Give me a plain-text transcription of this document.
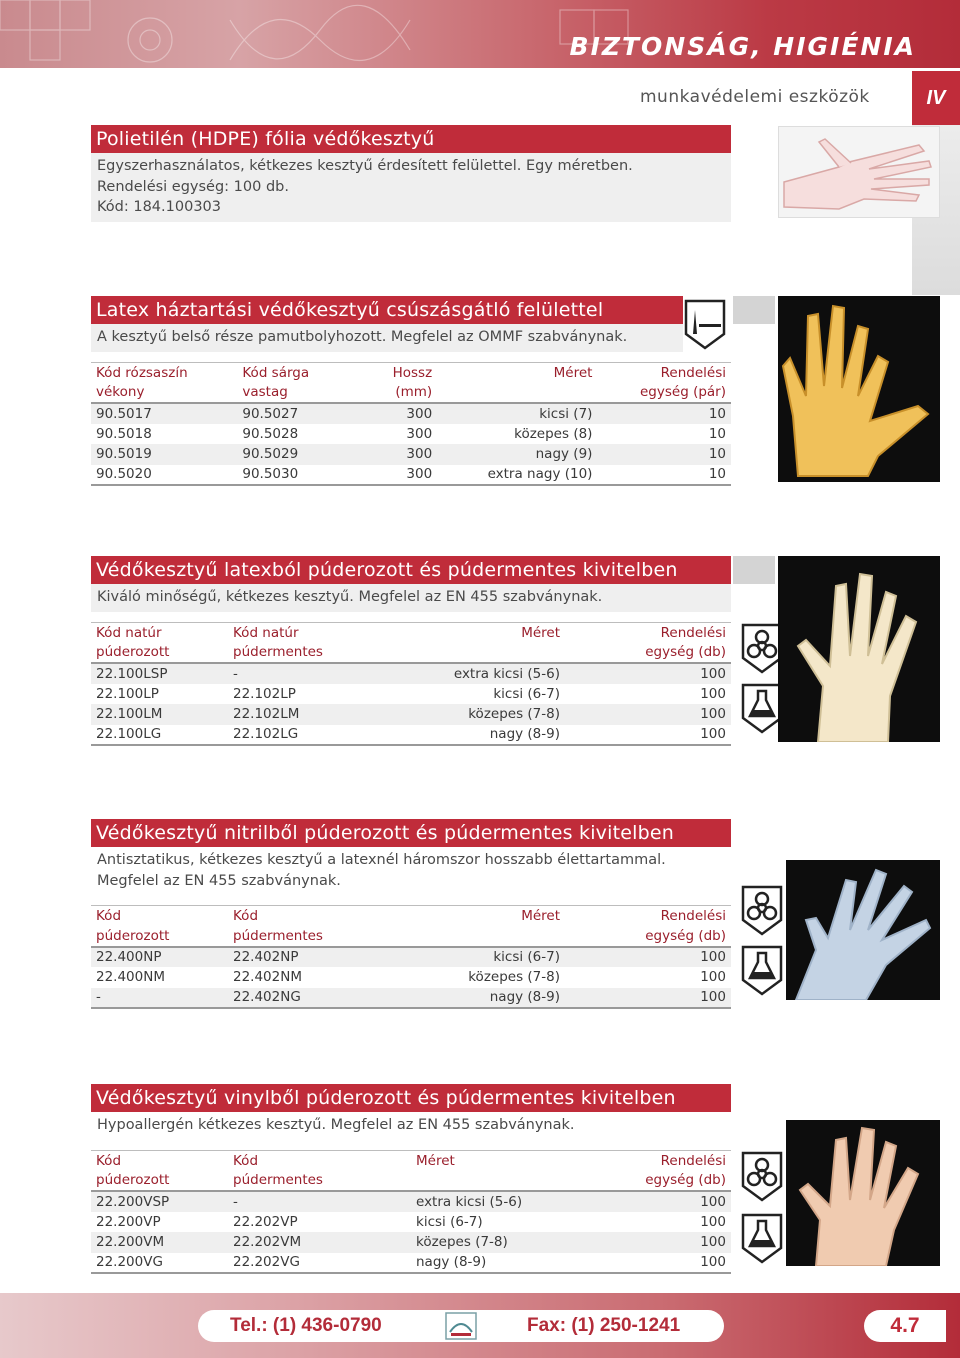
BIZTONSÁG, HIGIÉNIA
munkavédelemi eszközök	IV
Polietilén (HDPE) fólia védőkesztyű

Egyszerhasználatos, kétkezes kesztyű érdesített felülettel. Egy méretben.

Rendelési egység: 100 db.

Kód: 184.100303

Latex háztartási védőkesztyű csúszásgátló felülettel

A kesztyű belső része pamutbolyhozott. Megfelel az OMMF szabványnak.

Kód rózsaszín	Kód sárga	Hossz	Méret	Rendelési
vékony	vastag	(mm)		egység (pár)
90.5017	90.5027	300	kicsi (7)	10
90.5018	90.5028	300	közepes (8)	10
90.5019	90.5029	300	nagy (9)	10
90.5020	90.5030	300	extra nagy (10)	10
Védőkesztyű latexból púderozott és púdermentes kivitelben

Kiváló minőségű, kétkezes kesztyű. Megfelel az EN 455 szabványnak.

Kód natúr	Kód natúr	Méret	Rendelési
púderozott	púdermentes		egység (db)
22.100LSP	-	extra kicsi (5-6)	100
22.100LP	22.102LP	kicsi (6-7)	100
22.100LM	22.102LM	közepes (7-8)	100
22.100LG	22.102LG	nagy (8-9)	100
Védőkesztyű nitrilből púderozott és púdermentes kivitelben

Antisztatikus, kétkezes kesztyű a latexnél háromszor hosszabb élettartammal.

Megfelel az EN 455 szabványnak.

Kód	Kód	Méret	Rendelési
púderozott	púdermentes		egység (db)
22.400NP	22.402NP	kicsi (6-7)	100
22.400NM	22.402NM	közepes (7-8)	100
-	22.402NG	nagy (8-9)	100
Védőkesztyű vinylből púderozott és púdermentes kivitelben

Hypoallergén kétkezes kesztyű. Megfelel az EN 455 szabványnak.

Kód	Kód	Méret	Rendelési
púderozott	púdermentes		egység (db)
22.200VSP	-	extra kicsi (5-6)	100
22.200VP	22.202VP	kicsi (6-7)	100
22.200VM	22.202VM	közepes (7-8)	100
22.200VG	22.202VG	nagy (8-9)	100
Tel.: (1) 436-0790	Fax: (1) 250-1241	4.7
